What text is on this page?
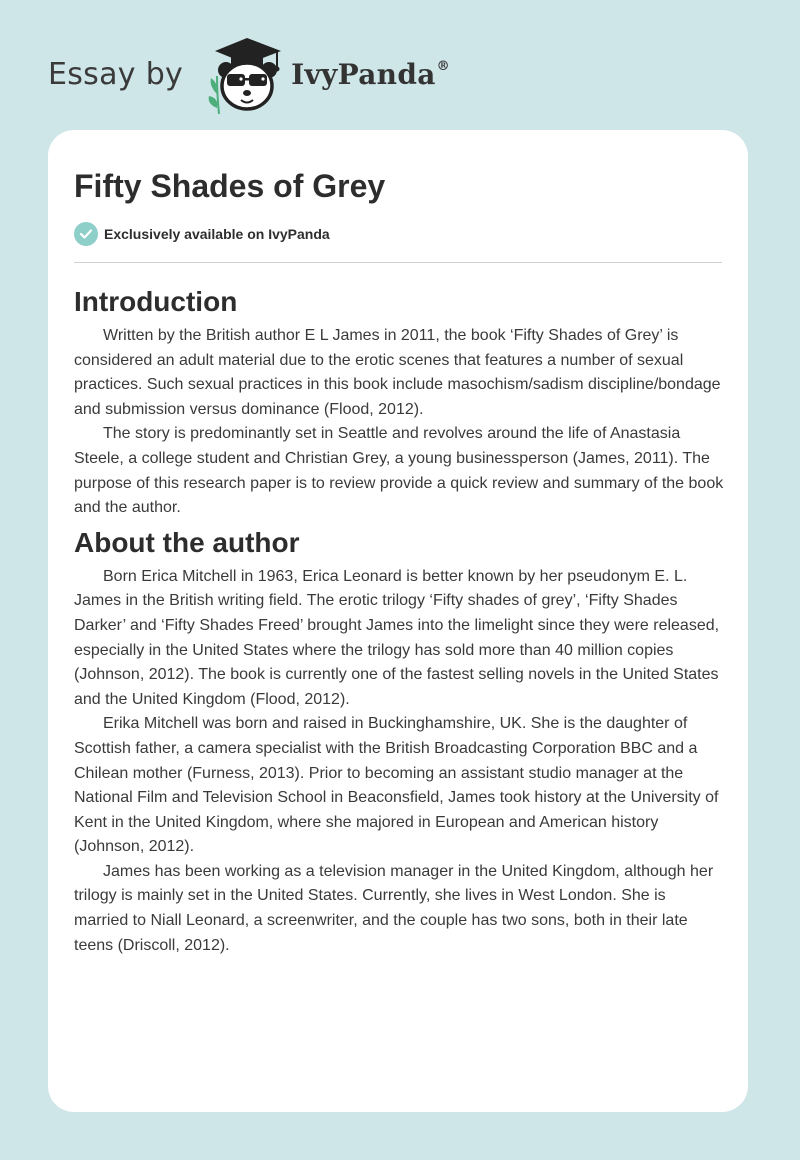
Essay by	IvyPanda®
Fifty Shades of Grey
Exclusively available on IvyPanda
Introduction

Written by the British author E L James in 2011, the book ‘Fifty Shades of Grey’ is considered an adult material due to the erotic scenes that features a number of sexual practices. Such sexual practices in this book include masochism/sadism discipline/bondage and submission versus dominance (Flood, 2012).

The story is predominantly set in Seattle and revolves around the life of Anastasia Steele, a college student and Christian Grey, a young businessperson (James, 2011). The purpose of this research paper is to review provide a quick review and summary of the book and the author.

About the author

Born Erica Mitchell in 1963, Erica Leonard is better known by her pseudonym E. L. James in the British writing field. The erotic trilogy ‘Fifty shades of grey’, ‘Fifty Shades Darker’ and ‘Fifty Shades Freed’ brought James into the limelight since they were released, especially in the United States where the trilogy has sold more than 40 million copies (Johnson, 2012). The book is currently one of the fastest selling novels in the United States and the United Kingdom (Flood, 2012).

Erika Mitchell was born and raised in Buckinghamshire, UK. She is the daughter of Scottish father, a camera specialist with the British Broadcasting Corporation BBC and a Chilean mother (Furness, 2013). Prior to becoming an assistant studio manager at the National Film and Television School in Beaconsfield, James took history at the University of Kent in the United Kingdom, where she majored in European and American history (Johnson, 2012).

James has been working as a television manager in the United Kingdom, although her trilogy is mainly set in the United States. Currently, she lives in West London. She is married to Niall Leonard, a screenwriter, and the couple has two sons, both in their late teens (Driscoll, 2012).
